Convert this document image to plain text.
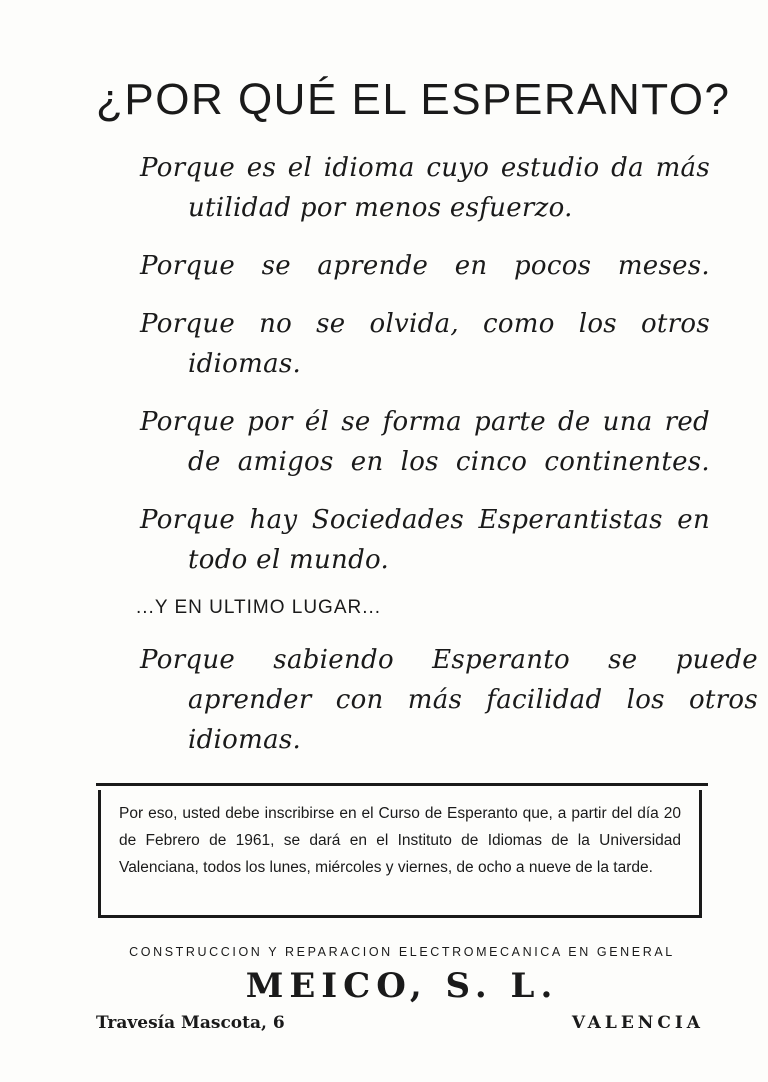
¿POR QUÉ EL ESPERANTO?
Porque es el idioma cuyo estudio da más utilidad por menos esfuerzo.
Porque se aprende en pocos meses.
Porque no se olvida, como los otros idiomas.
Porque por él se forma parte de una red de amigos en los cinco continentes.
Porque hay Sociedades Esperantistas en todo el mundo.
...Y EN ULTIMO LUGAR...

Porque sabiendo Esperanto se puede aprender con más facilidad los otros idiomas.

Por eso, usted debe inscribirse en el Curso de Esperanto que, a partir del día 20 de Febrero de 1961, se dará en el Instituto de Idiomas de la Universidad Valenciana, todos los lunes, miércoles y viernes, de ocho a nueve de la tarde.

CONSTRUCCION Y REPARACION ELECTROMECANICA EN GENERAL
MEICO, S. L.
Travesía Mascota, 6	VALENCIA
